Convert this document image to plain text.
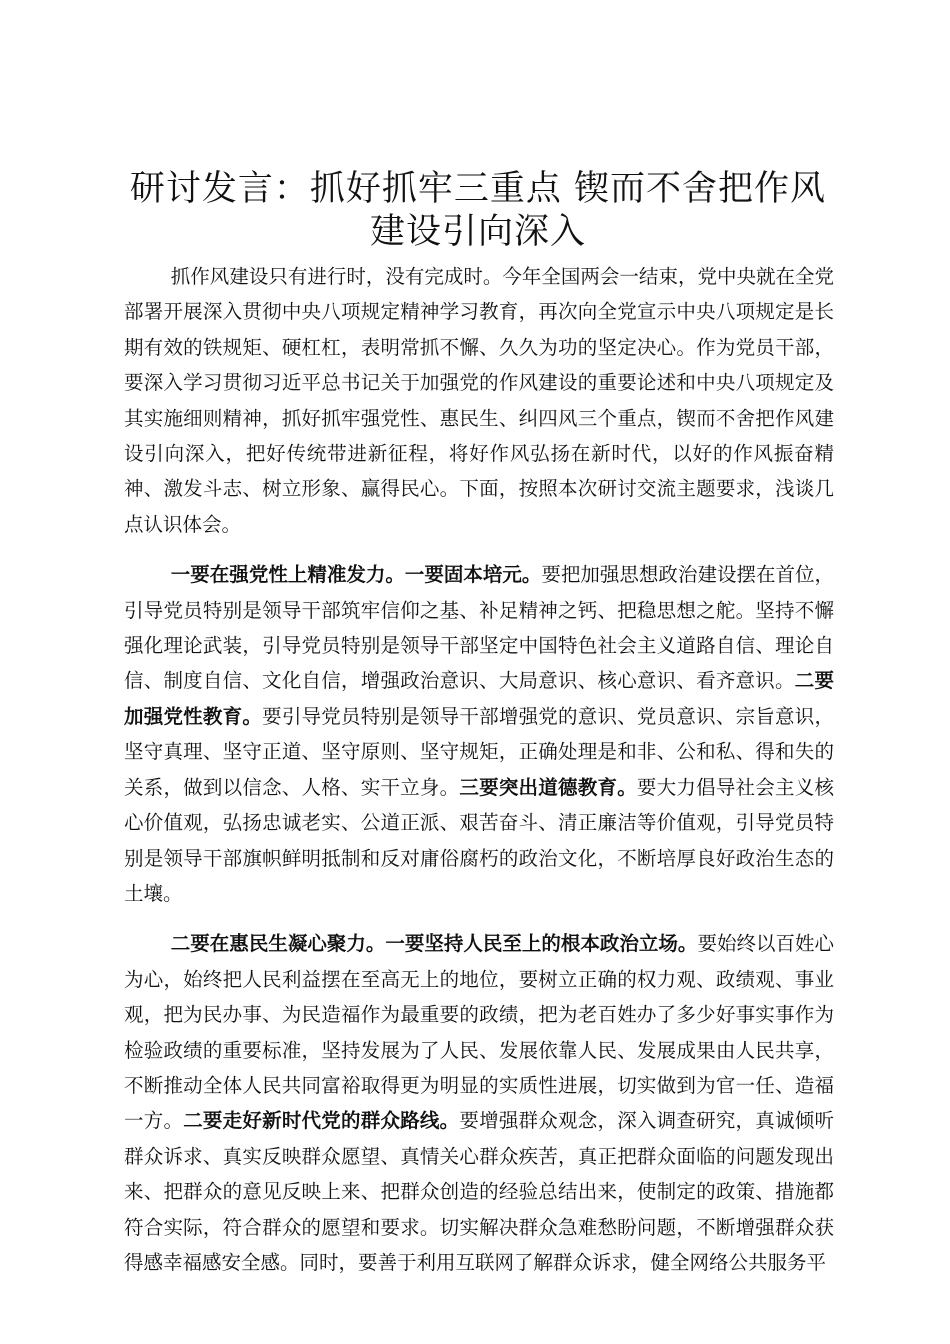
研讨发言：抓好抓牢三重点 锲而不舍把作风
建设引向深入

抓作风建设只有进行时，没有完成时。今年全国两会一结束，党中央就在全党部署开展深入贯彻中央八项规定精神学习教育，再次向全党宣示中央八项规定是长期有效的铁规矩、硬杠杠，表明常抓不懈、久久为功的坚定决心。作为党员干部，要深入学习贯彻习近平总书记关于加强党的作风建设的重要论述和中央八项规定及其实施细则精神，抓好抓牢强党性、惠民生、纠四风三个重点，锲而不舍把作风建设引向深入，把好传统带进新征程，将好作风弘扬在新时代，以好的作风振奋精神、激发斗志、树立形象、赢得民心。下面，按照本次研讨交流主题要求，浅谈几点认识体会。

一要在强党性上精准发力。一要固本培元。要把加强思想政治建设摆在首位，引导党员特别是领导干部筑牢信仰之基、补足精神之钙、把稳思想之舵。坚持不懈强化理论武装，引导党员特别是领导干部坚定中国特色社会主义道路自信、理论自信、制度自信、文化自信，增强政治意识、大局意识、核心意识、看齐意识。二要加强党性教育。要引导党员特别是领导干部增强党的意识、党员意识、宗旨意识，坚守真理、坚守正道、坚守原则、坚守规矩，正确处理是和非、公和私、得和失的关系，做到以信念、人格、实干立身。三要突出道德教育。要大力倡导社会主义核心价值观，弘扬忠诚老实、公道正派、艰苦奋斗、清正廉洁等价值观，引导党员特别是领导干部旗帜鲜明抵制和反对庸俗腐朽的政治文化，不断培厚良好政治生态的土壤。

二要在惠民生凝心聚力。一要坚持人民至上的根本政治立场。要始终以百姓心为心，始终把人民利益摆在至高无上的地位，要树立正确的权力观、政绩观、事业观，把为民办事、为民造福作为最重要的政绩，把为老百姓办了多少好事实事作为检验政绩的重要标准，坚持发展为了人民、发展依靠人民、发展成果由人民共享，不断推动全体人民共同富裕取得更为明显的实质性进展，切实做到为官一任、造福一方。二要走好新时代党的群众路线。要增强群众观念，深入调查研究，真诚倾听群众诉求、真实反映群众愿望、真情关心群众疾苦，真正把群众面临的问题发现出来、把群众的意见反映上来、把群众创造的经验总结出来，使制定的政策、措施都符合实际，符合群众的愿望和要求。切实解决群众急难愁盼问题，不断增强群众获得感幸福感安全感。同时，要善于利用互联网了解群众诉求，健全网络公共服务平
